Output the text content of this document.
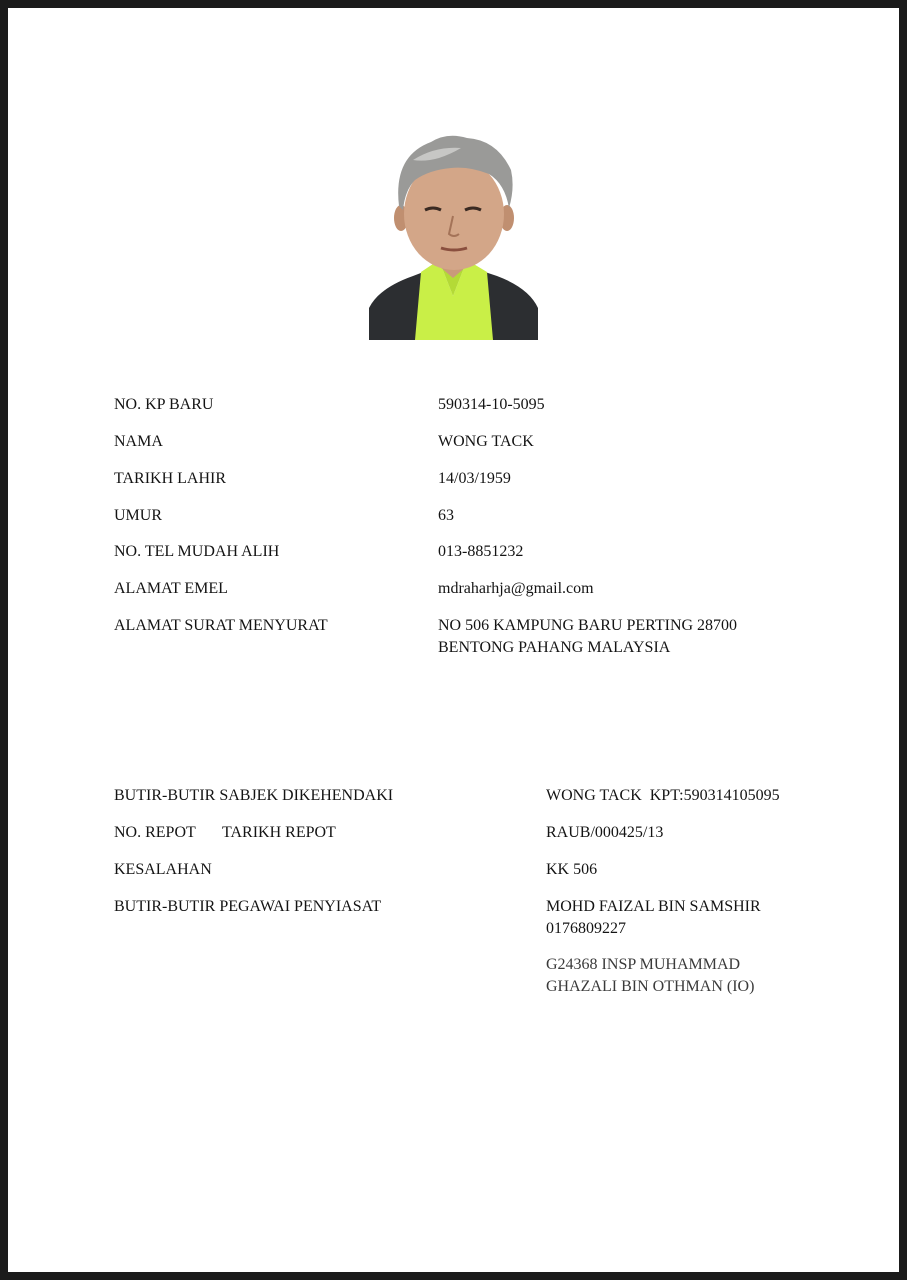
NO. KP BARU	590314-10-5095
NAMA	WONG TACK
TARIKH LAHIR	14/03/1959
UMUR	63
NO. TEL MUDAH ALIH	013-8851232
ALAMAT EMEL	mdraharhja@gmail.com
ALAMAT SURAT MENYURAT	NO 506 KAMPUNG BARU PERTING 28700
BENTONG PAHANG MALAYSIA
BUTIR-BUTIR SABJEK DIKEHENDAKI	WONG TACK  KPT:590314105095
NO. REPOT TARIKH REPOT	RAUB/000425/13
KESALAHAN	KK 506
BUTIR-BUTIR PEGAWAI PENYIASAT	MOHD FAIZAL BIN SAMSHIR
0176809227
G24368 INSP MUHAMMAD
GHAZALI BIN OTHMAN (IO)
